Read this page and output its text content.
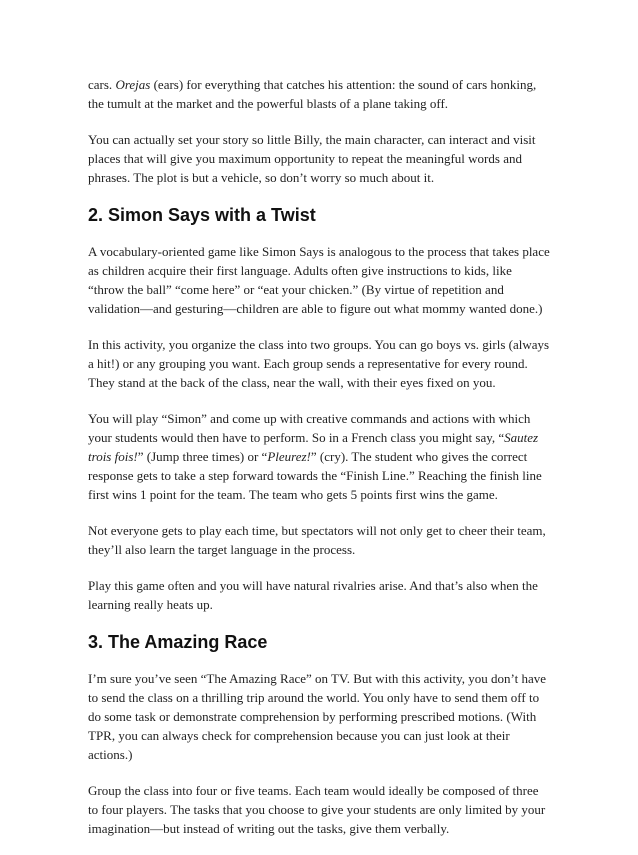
cars. Orejas (ears) for everything that catches his attention: the sound of cars honking, the tumult at the market and the powerful blasts of a plane taking off.

You can actually set your story so little Billy, the main character, can interact and visit places that will give you maximum opportunity to repeat the meaningful words and phrases. The plot is but a vehicle, so don’t worry so much about it.

2. Simon Says with a Twist

A vocabulary-oriented game like Simon Says is analogous to the process that takes place as children acquire their first language. Adults often give instructions to kids, like “throw the ball” “come here” or “eat your chicken.” (By virtue of repetition and validation—and gesturing—children are able to figure out what mommy wanted done.)

In this activity, you organize the class into two groups. You can go boys vs. girls (always a hit!) or any grouping you want. Each group sends a representative for every round. They stand at the back of the class, near the wall, with their eyes fixed on you.

You will play “Simon” and come up with creative commands and actions with which your students would then have to perform. So in a French class you might say, “Sautez trois fois!” (Jump three times) or “Pleurez!” (cry). The student who gives the correct response gets to take a step forward towards the “Finish Line.” Reaching the finish line first wins 1 point for the team. The team who gets 5 points first wins the game.

Not everyone gets to play each time, but spectators will not only get to cheer their team, they’ll also learn the target language in the process.

Play this game often and you will have natural rivalries arise. And that’s also when the learning really heats up.

3. The Amazing Race

I’m sure you’ve seen “The Amazing Race” on TV. But with this activity, you don’t have to send the class on a thrilling trip around the world. You only have to send them off to do some task or demonstrate comprehension by performing prescribed motions. (With TPR, you can always check for comprehension because you can just look at their actions.)

Group the class into four or five teams. Each team would ideally be composed of three to four players. The tasks that you choose to give your students are only limited by your imagination—but instead of writing out the tasks, give them verbally.
